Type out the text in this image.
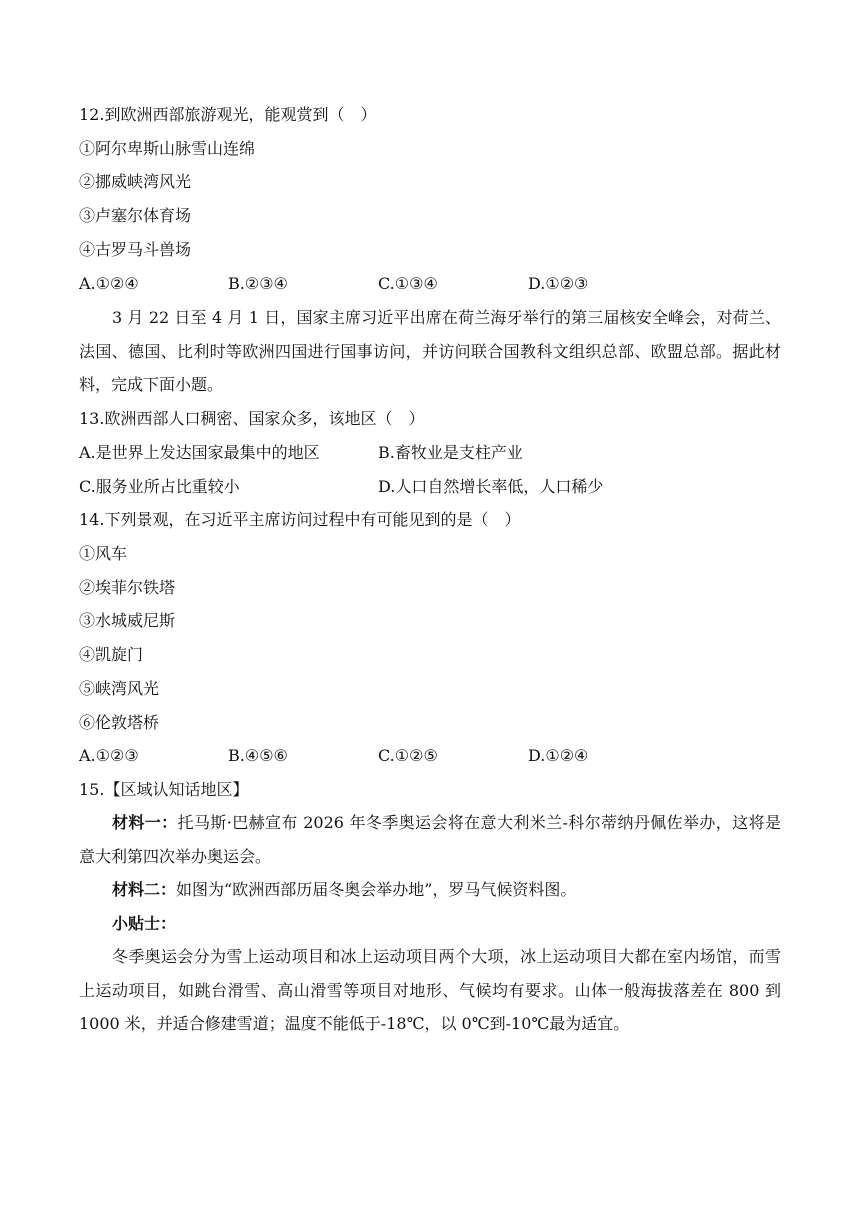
12.到欧洲西部旅游观光，能观赏到（　）
①阿尔卑斯山脉雪山连绵
②挪威峡湾风光
③卢塞尔体育场
④古罗马斗兽场
A.①②④	B.②③④	C.①③④	D.①②③

3 月 22 日至 4 月 1 日，国家主席习近平出席在荷兰海牙举行的第三届核安全峰会，对荷兰、法国、德国、比利时等欧洲四国进行国事访问，并访问联合国教科文组织总部、欧盟总部。据此材料，完成下面小题。

13.欧洲西部人口稠密、国家众多，该地区（　）
A.是世界上发达国家最集中的地区	B.畜牧业是支柱产业
C.服务业所占比重较小	D.人口自然增长率低，人口稀少
14.下列景观，在习近平主席访问过程中有可能见到的是（　）
①风车
②埃菲尔铁塔
③水城威尼斯
④凯旋门
⑤峡湾风光
⑥伦敦塔桥
A.①②③	B.④⑤⑥	C.①②⑤	D.①②④
15.【区域认知话地区】

材料一：托马斯·巴赫宣布 2026 年冬季奥运会将在意大利米兰-科尔蒂纳丹佩佐举办，这将是意大利第四次举办奥运会。

材料二：如图为“欧洲西部历届冬奥会举办地”，罗马气候资料图。

小贴士：

冬季奥运会分为雪上运动项目和冰上运动项目两个大项，冰上运动项目大都在室内场馆，而雪上运动项目，如跳台滑雪、高山滑雪等项目对地形、气候均有要求。山体一般海拔落差在 800 到 1000 米，并适合修建雪道；温度不能低于-18℃，以 0℃到-10℃最为适宜。
